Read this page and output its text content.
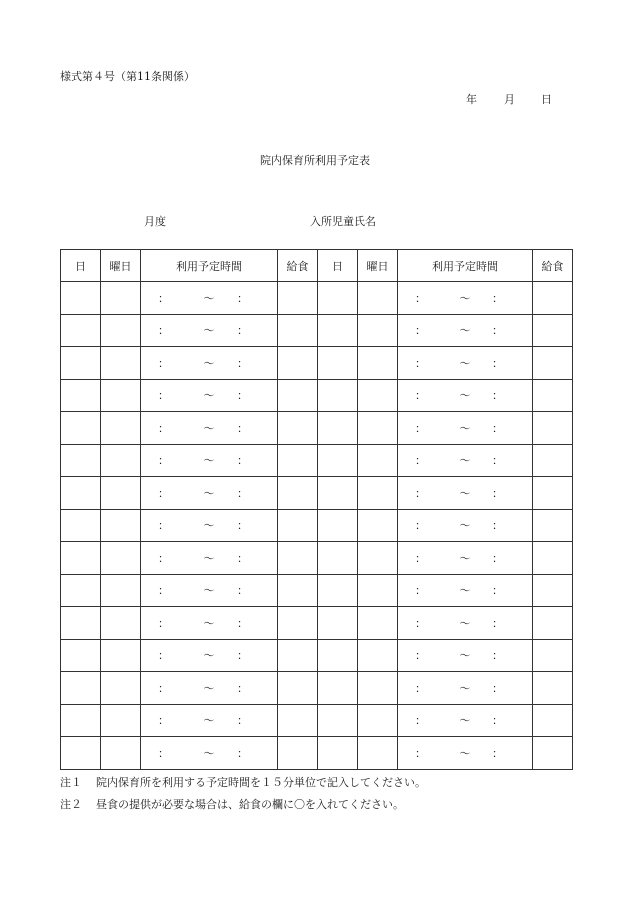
様式第４号（第11条関係）
年	月	日
院内保育所利用予定表
月度	入所児童氏名
日	曜日	利用予定時間	給食	日	曜日	利用予定時間	給食

		： ～ ：				： ～ ：	

		： ～ ：				： ～ ：	

		： ～ ：				： ～ ：	

		： ～ ：				： ～ ：	

		： ～ ：				： ～ ：	

		： ～ ：				： ～ ：	

		： ～ ：				： ～ ：	

		： ～ ：				： ～ ：	

		： ～ ：				： ～ ：	

		： ～ ：				： ～ ：	

		： ～ ：				： ～ ：	

		： ～ ：				： ～ ：	

		： ～ ：				： ～ ：	

		： ～ ：				： ～ ：	

		： ～ ：				： ～ ：	

注１	院内保育所を利用する予定時間を１５分単位で記入してください。
注２	昼食の提供が必要な場合は、給食の欄に〇を入れてください。
